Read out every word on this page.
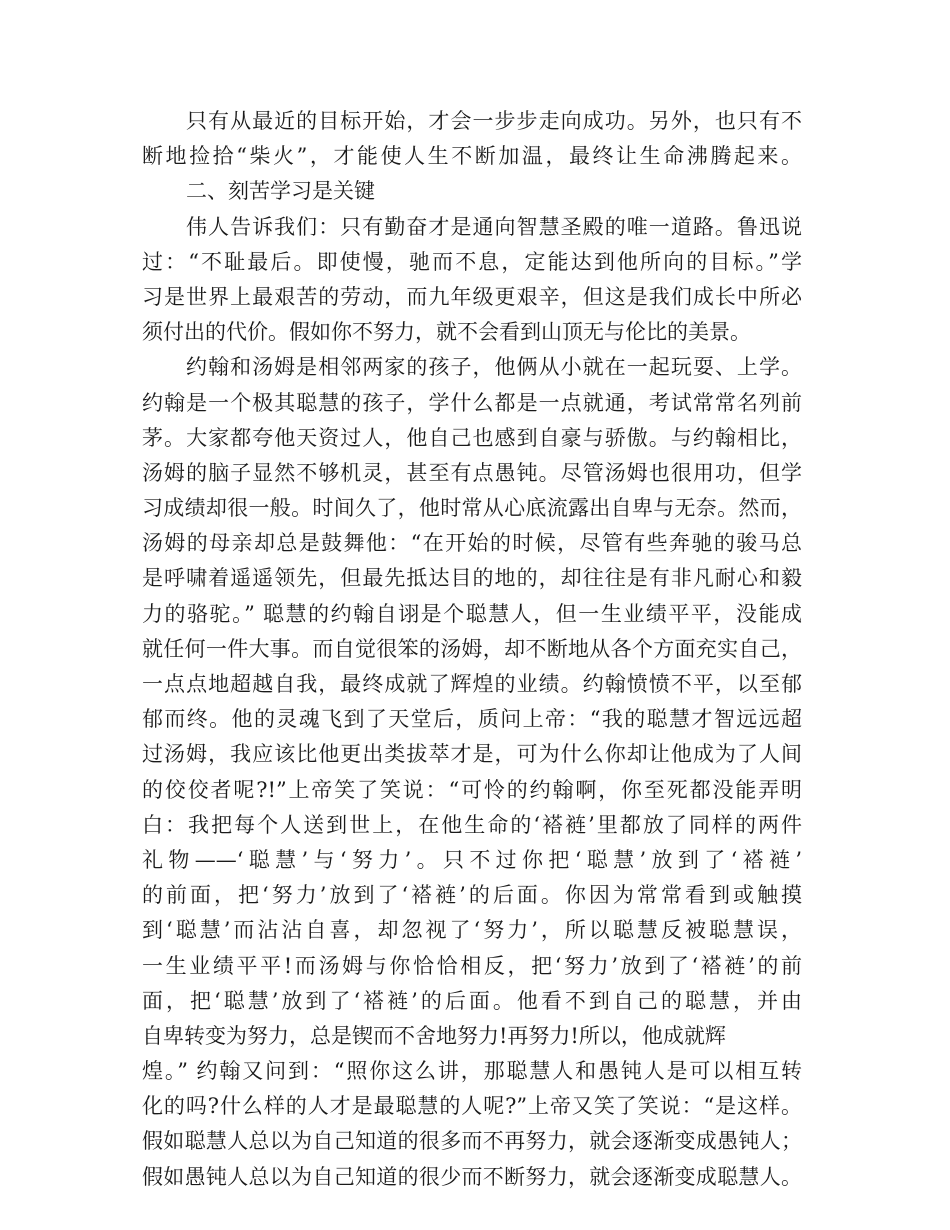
只有从最近的目标开始，才会一步步走向成功。另外，也只有不
断地捡拾“柴火”，才能使人生不断加温，最终让生命沸腾起来。
二、刻苦学习是关键
伟人告诉我们：只有勤奋才是通向智慧圣殿的唯一道路。鲁迅说
过：“不耻最后。即使慢，驰而不息，定能达到他所向的目标。”学
习是世界上最艰苦的劳动，而九年级更艰辛，但这是我们成长中所必
须付出的代价。假如你不努力，就不会看到山顶无与伦比的美景。
约翰和汤姆是相邻两家的孩子，他俩从小就在一起玩耍、上学。
约翰是一个极其聪慧的孩子，学什么都是一点就通，考试常常名列前
茅。大家都夸他天资过人，他自己也感到自豪与骄傲。与约翰相比，
汤姆的脑子显然不够机灵，甚至有点愚钝。尽管汤姆也很用功，但学
习成绩却很一般。时间久了，他时常从心底流露出自卑与无奈。然而，
汤姆的母亲却总是鼓舞他：“在开始的时候，尽管有些奔驰的骏马总
是呼啸着遥遥领先，但最先抵达目的地的，却往往是有非凡耐心和毅
力的骆驼。” 聪慧的约翰自诩是个聪慧人，但一生业绩平平，没能成
就任何一件大事。而自觉很笨的汤姆，却不断地从各个方面充实自己，
一点点地超越自我，最终成就了辉煌的业绩。约翰愤愤不平，以至郁
郁而终。他的灵魂飞到了天堂后，质问上帝：“我的聪慧才智远远超
过汤姆，我应该比他更出类拔萃才是，可为什么你却让他成为了人间
的佼佼者呢?!”上帝笑了笑说：“可怜的约翰啊，你至死都没能弄明
白：我把每个人送到世上，在他生命的‘褡裢’里都放了同样的两件
礼物——‘聪慧’与‘努力’。只不过你把‘聪慧’放到了‘褡裢’
的前面，把‘努力’放到了‘褡裢’的后面。你因为常常看到或触摸
到‘聪慧’而沾沾自喜，却忽视了‘努力’，所以聪慧反被聪慧误，
一生业绩平平!而汤姆与你恰恰相反，把‘努力’放到了‘褡裢’的前
面，把‘聪慧’放到了‘褡裢’的后面。他看不到自己的聪慧，并由
自卑转变为努力，总是锲而不舍地努力!再努力!所以，他成就辉
煌。” 约翰又问到：“照你这么讲，那聪慧人和愚钝人是可以相互转
化的吗?什么样的人才是最聪慧的人呢?”上帝又笑了笑说：“是这样。
假如聪慧人总以为自己知道的很多而不再努力，就会逐渐变成愚钝人；
假如愚钝人总以为自己知道的很少而不断努力，就会逐渐变成聪慧人。
